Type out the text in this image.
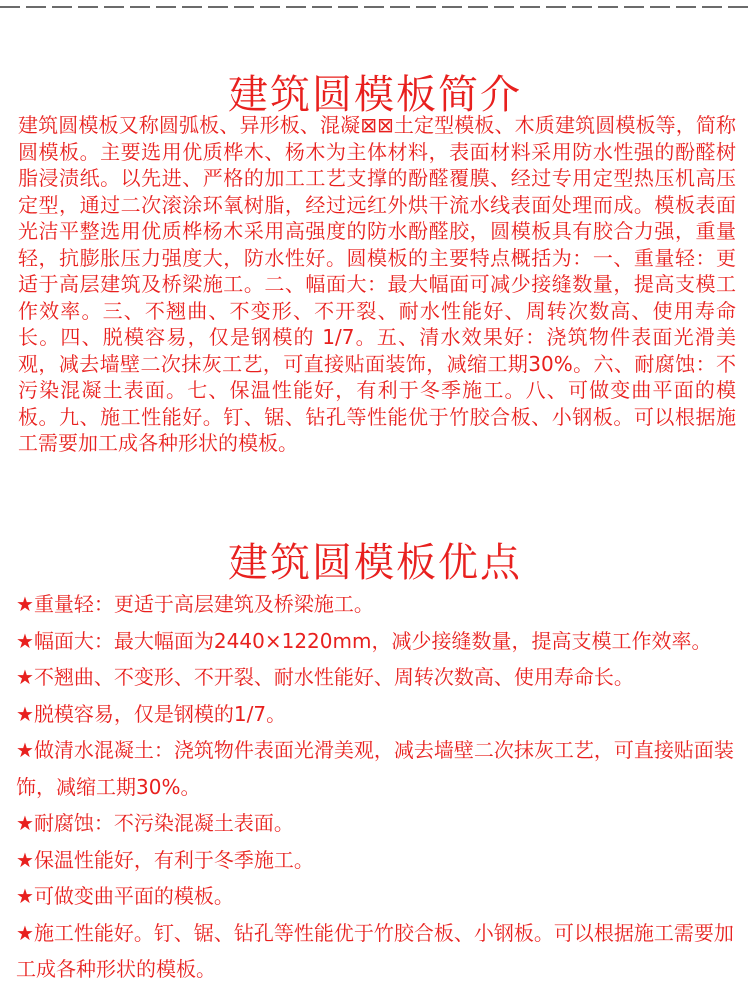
建筑圆模板简介
建筑圆模板又称圆弧板、异形板、混凝⊠⊠土定型模板、木质建筑圆模板等，简称圆模板。主要选用优质桦木、杨木为主体材料，表面材料采用防水性强的酚醛树脂浸渍纸。以先进、严格的加工工艺支撑的酚醛覆膜、经过专用定型热压机高压定型，通过二次滚涂环氧树脂，经过远红外烘干流水线表面处理而成。模板表面光洁平整选用优质桦杨木采用高强度的防水酚醛胶，圆模板具有胶合力强，重量轻，抗膨胀压力强度大，防水性好。圆模板的主要特点概括为：一、重量轻：更适于高层建筑及桥梁施工。二、幅面大：最大幅面可减少接缝数量，提高支模工作效率。三、不翘曲、不变形、不开裂、耐水性能好、周转次数高、使用寿命长。四、脱模容易，仅是钢模的 1/7。五、清水效果好：浇筑物件表面光滑美观，减去墙壁二次抹灰工艺，可直接贴面装饰，减缩工期30%。六、耐腐蚀：不污染混凝土表面。七、保温性能好，有利于冬季施工。八、可做变曲平面的模板。九、施工性能好。钉、锯、钻孔等性能优于竹胶合板、小钢板。可以根据施工需要加工成各种形状的模板。
建筑圆模板优点
★重量轻：更适于高层建筑及桥梁施工。
★幅面大：最大幅面为2440×1220mm，减少接缝数量，提高支模工作效率。
★不翘曲、不变形、不开裂、耐水性能好、周转次数高、使用寿命长。
★脱模容易，仅是钢模的1/7。
★做清水混凝土：浇筑物件表面光滑美观，减去墙壁二次抹灰工艺，可直接贴面装饰，减缩工期30%。
★耐腐蚀：不污染混凝土表面。
★保温性能好，有利于冬季施工。
★可做变曲平面的模板。
★施工性能好。钉、锯、钻孔等性能优于竹胶合板、小钢板。可以根据施工需要加工成各种形状的模板。
